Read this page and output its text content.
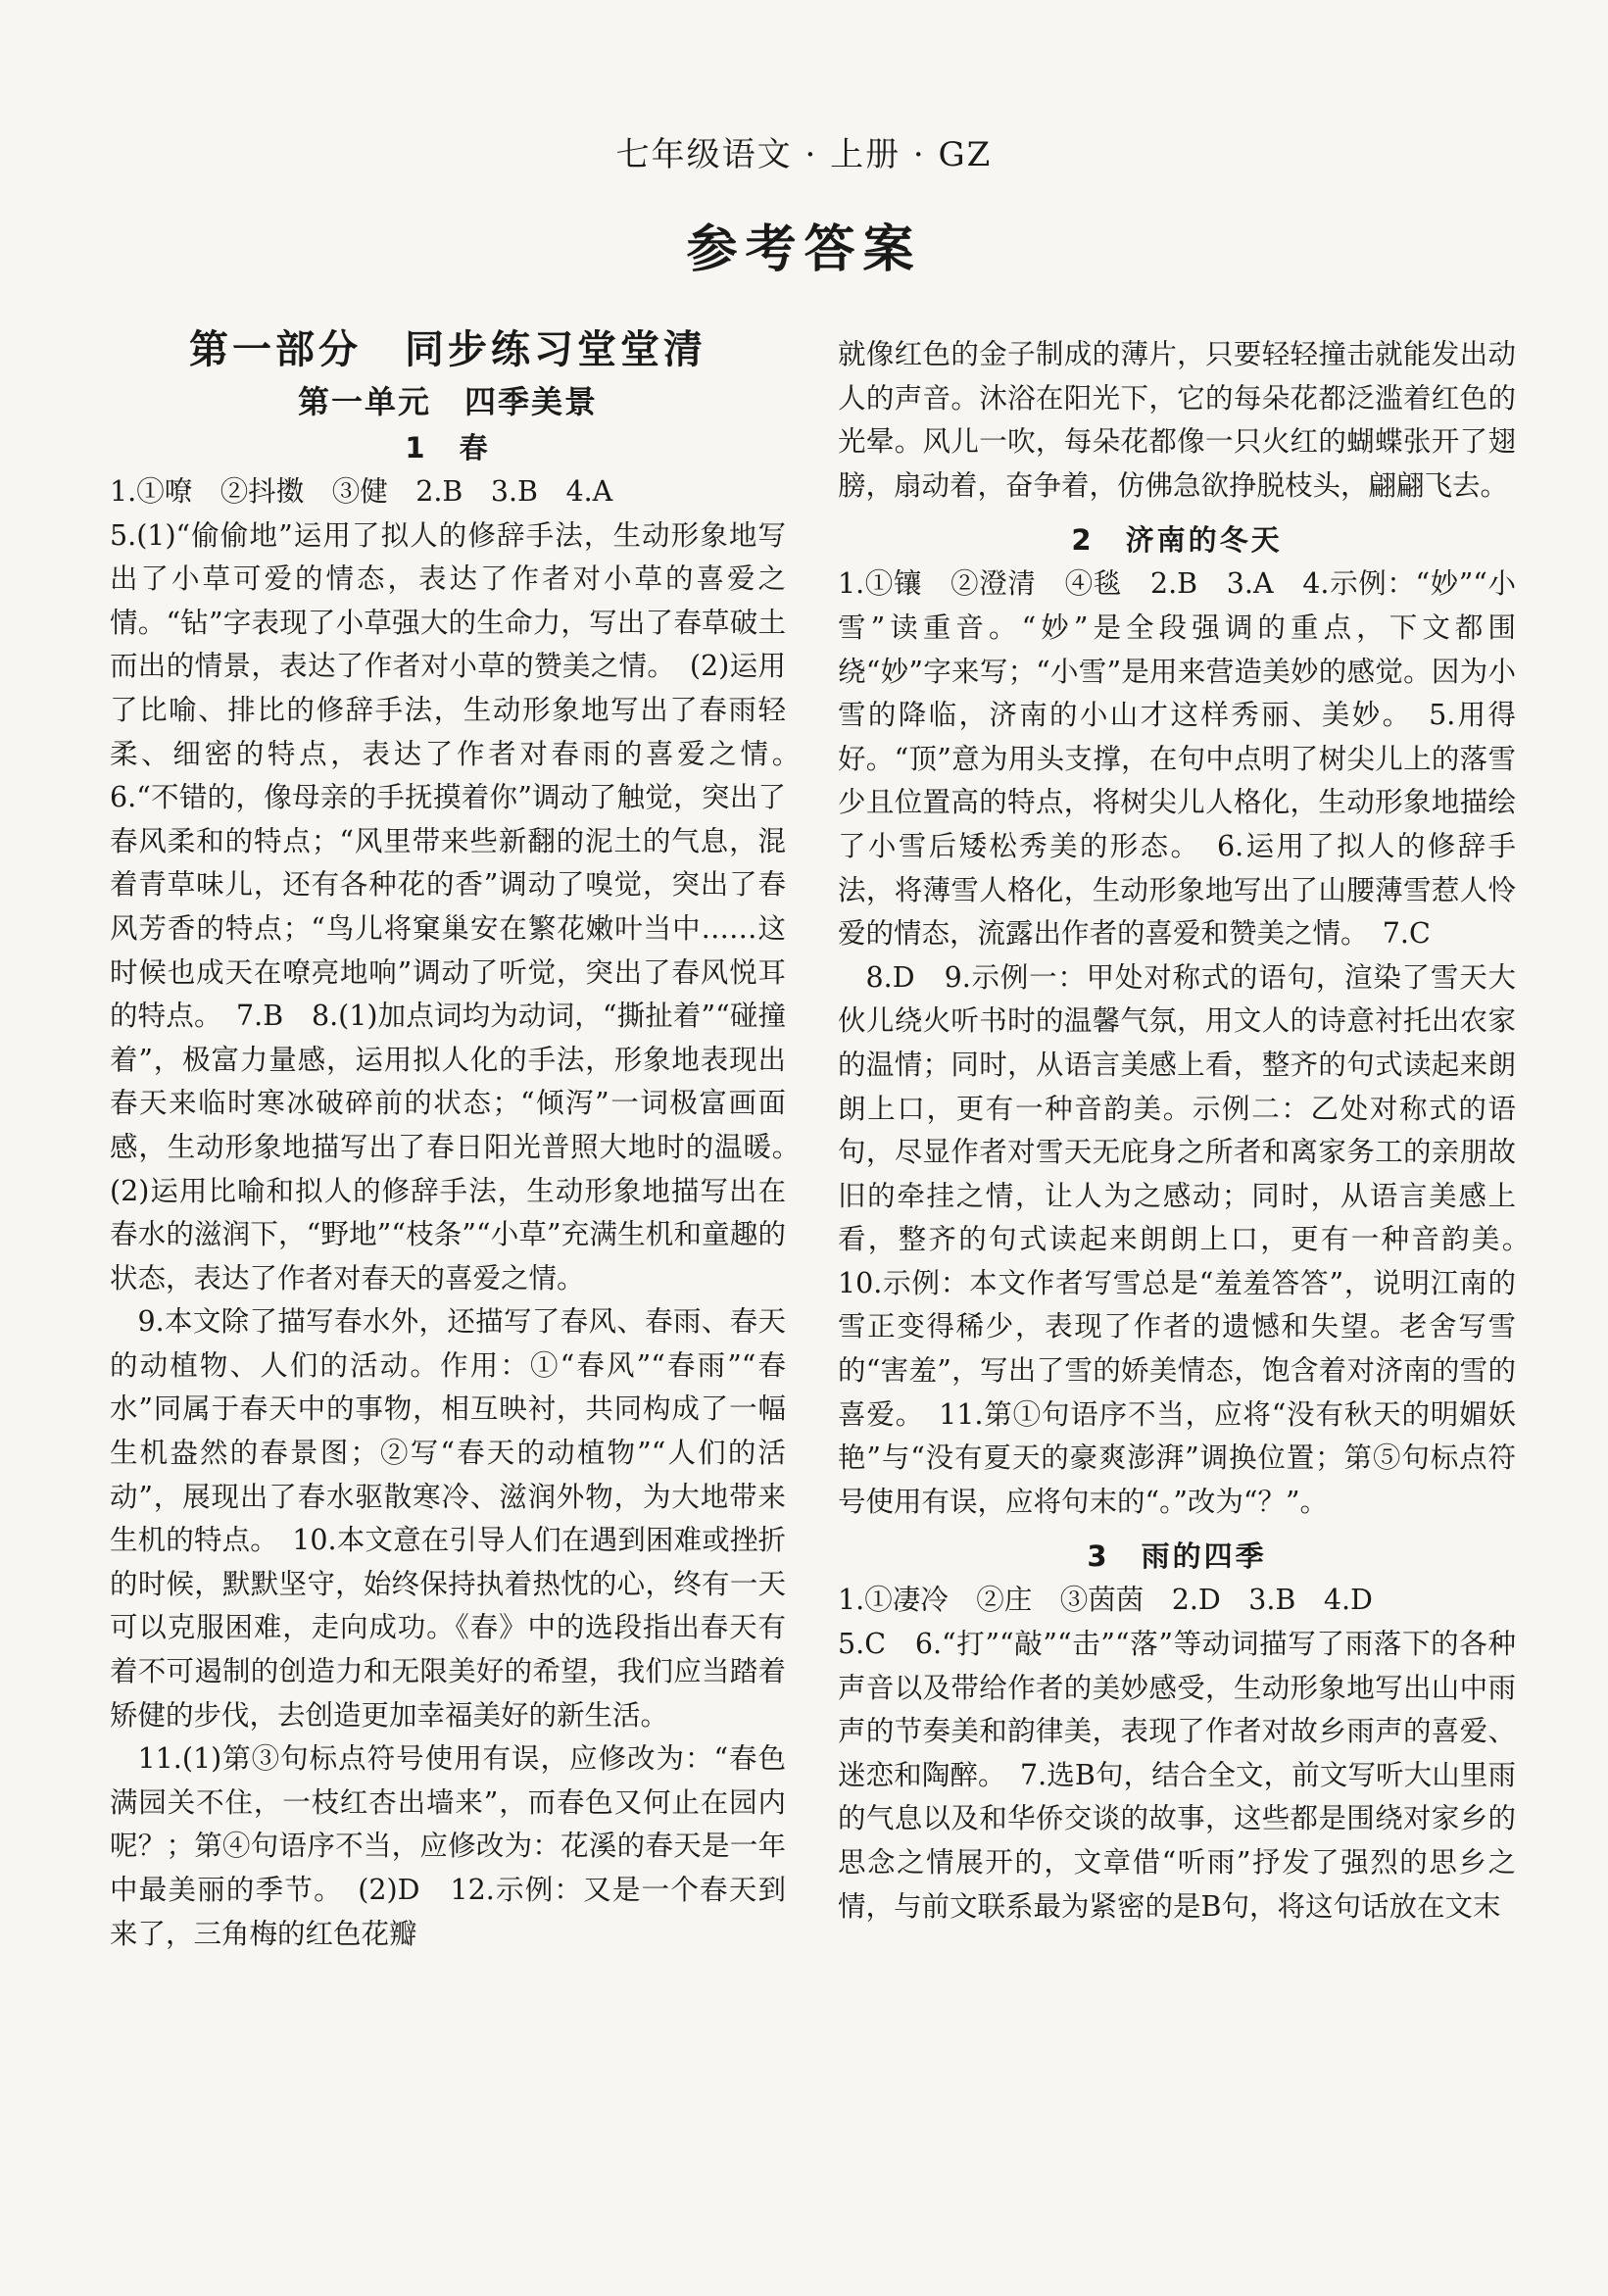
七年级语文 · 上册 · GZ
参考答案
第一部分　同步练习堂堂清
第一单元　四季美景
1　春

1.①嘹　②抖擞　③健　2.B　3.B　4.A

5.(1)“偷偷地”运用了拟人的修辞手法，生动形象地写出了小草可爱的情态，表达了作者对小草的喜爱之情。“钻”字表现了小草强大的生命力，写出了春草破土而出的情景，表达了作者对小草的赞美之情。　(2)运用了比喻、排比的修辞手法，生动形象地写出了春雨轻柔、细密的特点，表达了作者对春雨的喜爱之情。　6.“不错的，像母亲的手抚摸着你”调动了触觉，突出了春风柔和的特点；“风里带来些新翻的泥土的气息，混着青草味儿，还有各种花的香”调动了嗅觉，突出了春风芳香的特点；“鸟儿将窠巢安在繁花嫩叶当中……这时候也成天在嘹亮地响”调动了听觉，突出了春风悦耳的特点。　7.B　8.(1)加点词均为动词，“撕扯着”“碰撞着”，极富力量感，运用拟人化的手法，形象地表现出春天来临时寒冰破碎前的状态；“倾泻”一词极富画面感，生动形象地描写出了春日阳光普照大地时的温暖。　(2)运用比喻和拟人的修辞手法，生动形象地描写出在春水的滋润下，“野地”“枝条”“小草”充满生机和童趣的状态，表达了作者对春天的喜爱之情。

9.本文除了描写春水外，还描写了春风、春雨、春天的动植物、人们的活动。作用：①“春风”“春雨”“春水”同属于春天中的事物，相互映衬，共同构成了一幅生机盎然的春景图；②写“春天的动植物”“人们的活动”，展现出了春水驱散寒冷、滋润外物，为大地带来生机的特点。　10.本文意在引导人们在遇到困难或挫折的时候，默默坚守，始终保持执着热忱的心，终有一天可以克服困难，走向成功。《春》中的选段指出春天有着不可遏制的创造力和无限美好的希望，我们应当踏着矫健的步伐，去创造更加幸福美好的新生活。

11.(1)第③句标点符号使用有误，应修改为：“春色满园关不住，一枝红杏出墙来”，而春色又何止在园内呢？；第④句语序不当，应修改为：花溪的春天是一年中最美丽的季节。　(2)D　12.示例：又是一个春天到来了，三角梅的红色花瓣

就像红色的金子制成的薄片，只要轻轻撞击就能发出动人的声音。沐浴在阳光下，它的每朵花都泛滥着红色的光晕。风儿一吹，每朵花都像一只火红的蝴蝶张开了翅膀，扇动着，奋争着，仿佛急欲挣脱枝头，翩翩飞去。

2　济南的冬天

1.①镶　②澄清　④毯　2.B　3.A　4.示例：“妙”“小雪”读重音。“妙”是全段强调的重点，下文都围绕“妙”字来写；“小雪”是用来营造美妙的感觉。因为小雪的降临，济南的小山才这样秀丽、美妙。　5.用得好。“顶”意为用头支撑，在句中点明了树尖儿上的落雪少且位置高的特点，将树尖儿人格化，生动形象地描绘了小雪后矮松秀美的形态。　6.运用了拟人的修辞手法，将薄雪人格化，生动形象地写出了山腰薄雪惹人怜爱的情态，流露出作者的喜爱和赞美之情。　7.C

8.D　9.示例一：甲处对称式的语句，渲染了雪天大伙儿绕火听书时的温馨气氛，用文人的诗意衬托出农家的温情；同时，从语言美感上看，整齐的句式读起来朗朗上口，更有一种音韵美。示例二：乙处对称式的语句，尽显作者对雪天无庇身之所者和离家务工的亲朋故旧的牵挂之情，让人为之感动；同时，从语言美感上看，整齐的句式读起来朗朗上口，更有一种音韵美。　10.示例：本文作者写雪总是“羞羞答答”，说明江南的雪正变得稀少，表现了作者的遗憾和失望。老舍写雪的“害羞”，写出了雪的娇美情态，饱含着对济南的雪的喜爱。　11.第①句语序不当，应将“没有秋天的明媚妖艳”与“没有夏天的豪爽澎湃”调换位置；第⑤句标点符号使用有误，应将句末的“。”改为“？”。

3　雨的四季

1.①凄冷　②庄　③茵茵　2.D　3.B　4.D

5.C　6.“打”“敲”“击”“落”等动词描写了雨落下的各种声音以及带给作者的美妙感受，生动形象地写出山中雨声的节奏美和韵律美，表现了作者对故乡雨声的喜爱、迷恋和陶醉。　7.选B句，结合全文，前文写听大山里雨的气息以及和华侨交谈的故事，这些都是围绕对家乡的思念之情展开的，文章借“听雨”抒发了强烈的思乡之情，与前文联系最为紧密的是B句，将这句话放在文末
